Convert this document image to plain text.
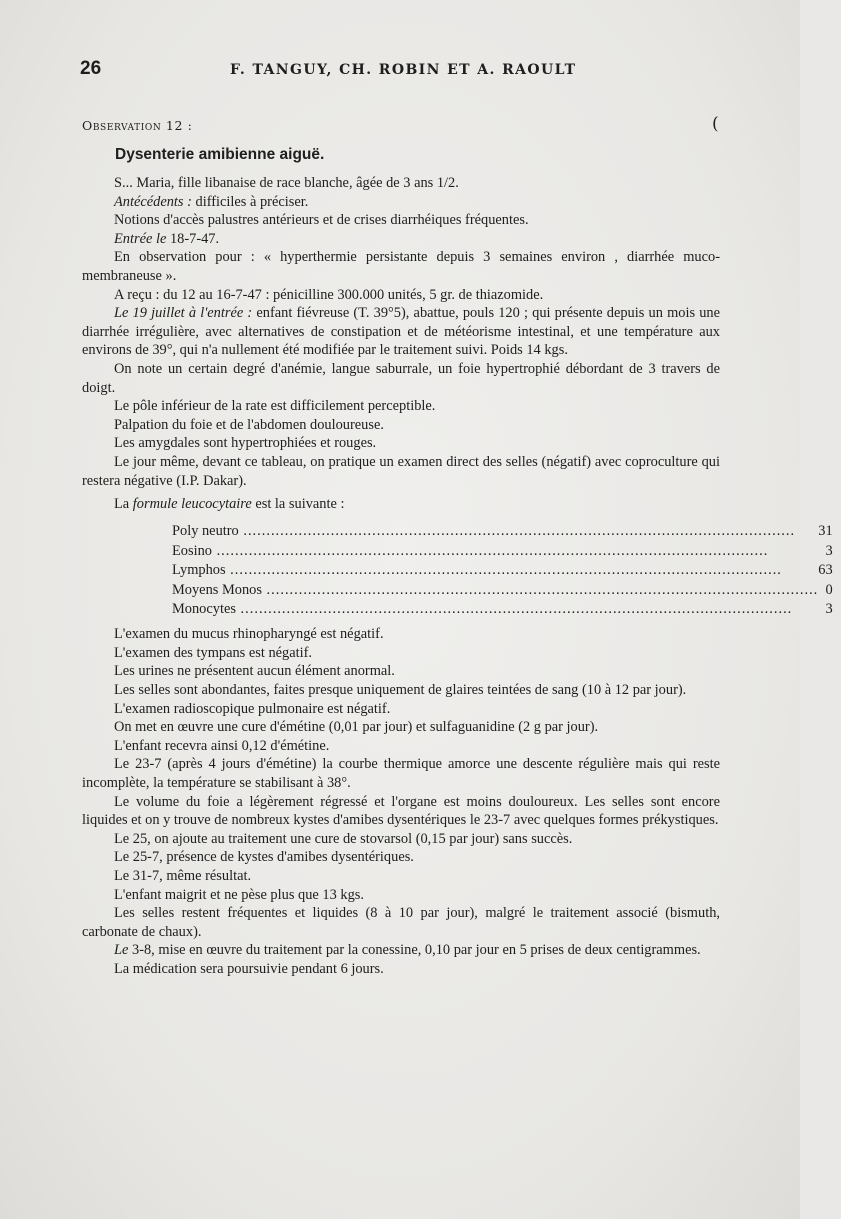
26	F. TANGUY, CH. ROBIN ET A. RAOULT
Observation 12 :	(
Dysenterie amibienne aiguë.

S... Maria, fille libanaise de race blanche, âgée de 3 ans 1/2.

Antécédents : difficiles à préciser.

Notions d'accès palustres antérieurs et de crises diarrhéiques fréquentes.

Entrée le 18-7-47.

En observation pour : « hyperthermie persistante depuis 3 semaines environ , diarrhée muco-membraneuse ».

A reçu : du 12 au 16-7-47 : pénicilline 300.000 unités, 5 gr. de thiazomide.

Le 19 juillet à l'entrée : enfant fiévreuse (T. 39°5), abattue, pouls 120 ; qui présente depuis un mois une diarrhée irrégulière, avec alternatives de constipation et de météorisme intestinal, et une température aux environs de 39°, qui n'a nullement été modifiée par le traitement suivi. Poids 14 kgs.

On note un certain degré d'anémie, langue saburrale, un foie hypertrophié débordant de 3 travers de doigt.

Le pôle inférieur de la rate est difficilement perceptible.

Palpation du foie et de l'abdomen douloureuse.

Les amygdales sont hypertrophiées et rouges.

Le jour même, devant ce tableau, on pratique un examen direct des selles (négatif) avec coproculture qui restera négative (I.P. Dakar).

La formule leucocytaire est la suivante :

Poly neutro ........................................................................................................................	31

Eosino ........................................................................................................................	3

Lymphos ........................................................................................................................	63

Moyens Monos ........................................................................................................................	0

Monocytes ........................................................................................................................	3

L'examen du mucus rhinopharyngé est négatif.

L'examen des tympans est négatif.

Les urines ne présentent aucun élément anormal.

Les selles sont abondantes, faites presque uniquement de glaires teintées de sang (10 à 12 par jour).

L'examen radioscopique pulmonaire est négatif.

On met en œuvre une cure d'émétine (0,01 par jour) et sulfaguanidine (2 g par jour).

L'enfant recevra ainsi 0,12 d'émétine.

Le 23-7 (après 4 jours d'émétine) la courbe thermique amorce une descente régulière mais qui reste incomplète, la température se stabilisant à 38°.

Le volume du foie a légèrement régressé et l'organe est moins douloureux. Les selles sont encore liquides et on y trouve de nombreux kystes d'amibes dysentériques le 23-7 avec quelques formes prékystiques.

Le 25, on ajoute au traitement une cure de stovarsol (0,15 par jour) sans succès.

Le 25-7, présence de kystes d'amibes dysentériques.

Le 31-7, même résultat.

L'enfant maigrit et ne pèse plus que 13 kgs.

Les selles restent fréquentes et liquides (8 à 10 par jour), malgré le traitement associé (bismuth, carbonate de chaux).

Le 3-8, mise en œuvre du traitement par la conessine, 0,10 par jour en 5 prises de deux centigrammes.

La médication sera poursuivie pendant 6 jours.
